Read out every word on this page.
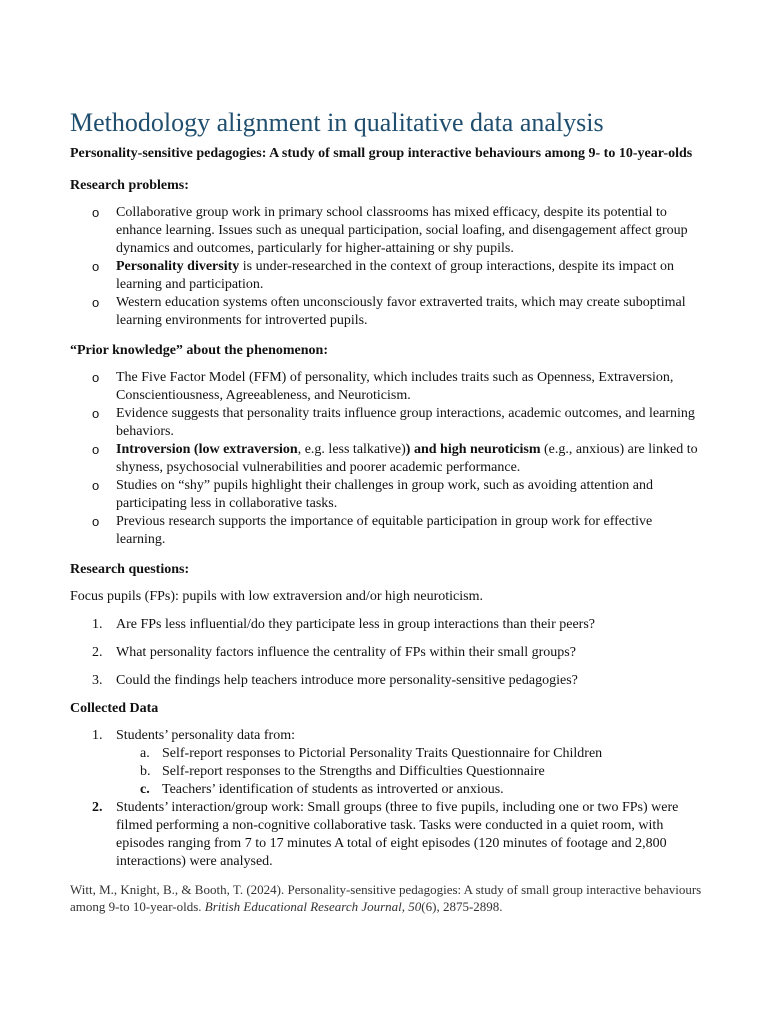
Methodology alignment in qualitative data analysis
Personality-sensitive pedagogies: A study of small group interactive behaviours among 9- to 10-year-olds
Research problems:
o Collaborative group work in primary school classrooms has mixed efficacy, despite its potential to enhance learning. Issues such as unequal participation, social loafing, and disengagement affect group dynamics and outcomes, particularly for higher-attaining or shy pupils.
o Personality diversity is under-researched in the context of group interactions, despite its impact on learning and participation.
o Western education systems often unconsciously favor extraverted traits, which may create suboptimal learning environments for introverted pupils.
“Prior knowledge” about the phenomenon:
o The Five Factor Model (FFM) of personality, which includes traits such as Openness, Extraversion, Conscientiousness, Agreeableness, and Neuroticism.
o Evidence suggests that personality traits influence group interactions, academic outcomes, and learning behaviors.
o Introversion (low extraversion, e.g. less talkative)) and high neuroticism (e.g., anxious) are linked to shyness, psychosocial vulnerabilities and poorer academic performance.
o Studies on “shy” pupils highlight their challenges in group work, such as avoiding attention and participating less in collaborative tasks.
o Previous research supports the importance of equitable participation in group work for effective learning.
Research questions:

Focus pupils (FPs): pupils with low extraversion and/or high neuroticism.

1. Are FPs less influential/do they participate less in group interactions than their peers?
2. What personality factors influence the centrality of FPs within their small groups?
3. Could the findings help teachers introduce more personality-sensitive pedagogies?
Collected Data
1. Students’ personality data from:
a. Self-report responses to Pictorial Personality Traits Questionnaire for Children
b. Self-report responses to the Strengths and Difficulties Questionnaire
c. Teachers’ identification of students as introverted or anxious.
2. Students’ interaction/group work: Small groups (three to five pupils, including one or two FPs) were filmed performing a non-cognitive collaborative task. Tasks were conducted in a quiet room, with episodes ranging from 7 to 17 minutes A total of eight episodes (120 minutes of footage and 2,800 interactions) were analysed.

Witt, M., Knight, B., & Booth, T. (2024). Personality-sensitive pedagogies: A study of small group interactive behaviours among 9-to 10-year-olds. British Educational Research Journal, 50(6), 2875-2898.
